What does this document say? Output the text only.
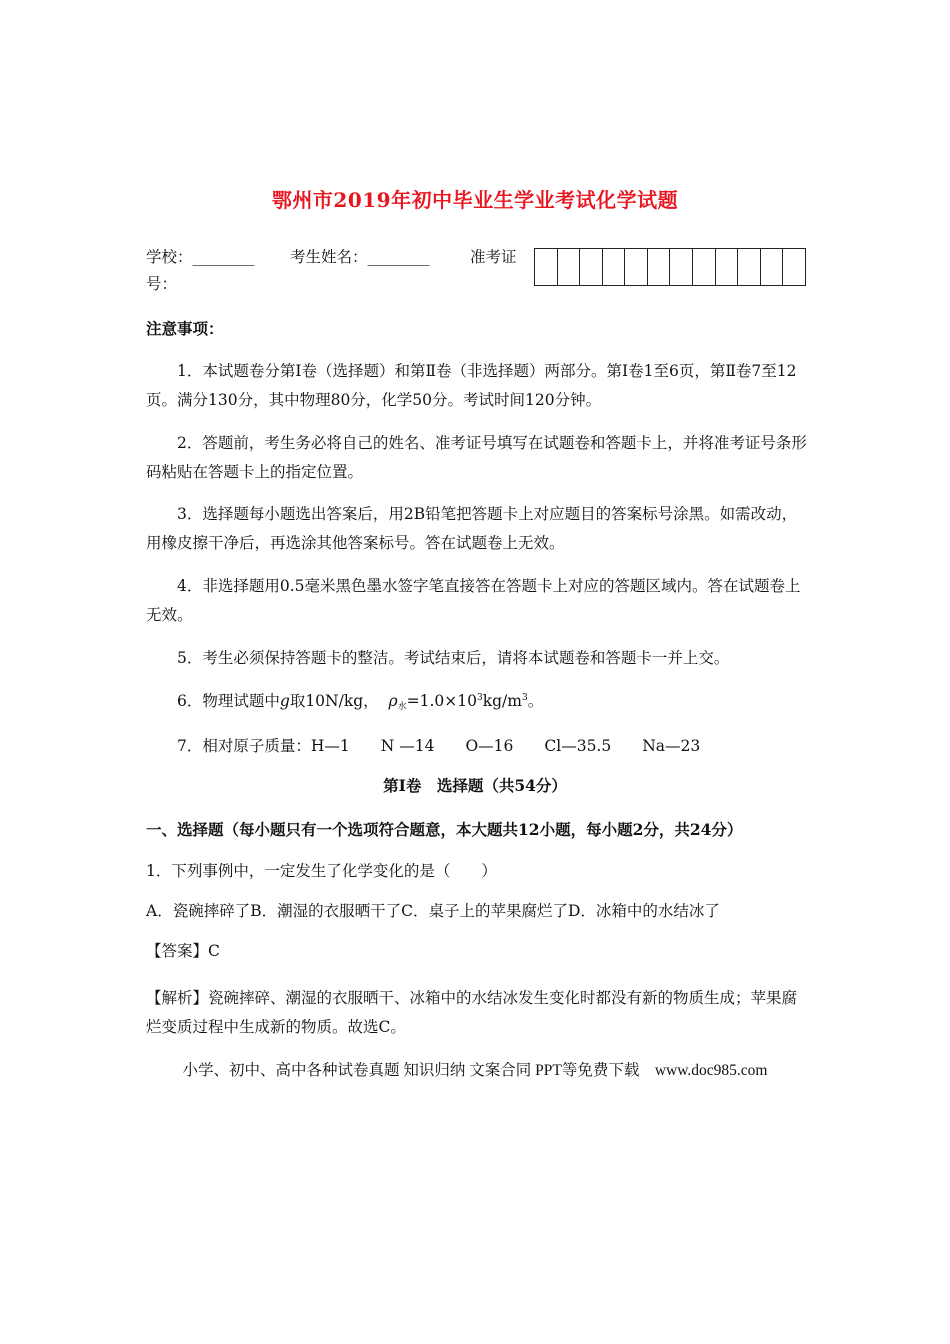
鄂州市2019年初中毕业生学业考试化学试题
学校：________ 考生姓名：________	准考证
号：
注意事项：
1．本试题卷分第Ⅰ卷（选择题）和第Ⅱ卷（非选择题）两部分。第Ⅰ卷1至6页，第Ⅱ卷7至12页。满分130分，其中物理80分，化学50分。考试时间120分钟。
2．答题前，考生务必将自己的姓名、准考证号填写在试题卷和答题卡上，并将准考证号条形码粘贴在答题卡上的指定位置。
3．选择题每小题选出答案后，用2B铅笔把答题卡上对应题目的答案标号涂黑。如需改动，用橡皮擦干净后，再选涂其他答案标号。答在试题卷上无效。
4．非选择题用0.5毫米黑色墨水签字笔直接答在答题卡上对应的答题区域内。答在试题卷上无效。
5．考生必须保持答题卡的整洁。考试结束后，请将本试题卷和答题卡一并上交。
6．物理试题中g取10N/kg， $\rho_水=1.0\times 10^3kg/m^3$。
7．相对原子质量：H—1　　N —14　　O—16　　Cl—35.5　　Na—23
第Ⅰ卷　选择题（共54分）
一、选择题（每小题只有一个选项符合题意，本大题共12小题，每小题2分，共24分）
1．下列事例中，一定发生了化学变化的是（　　）
A．瓷碗摔碎了B．潮湿的衣服晒干了C．桌子上的苹果腐烂了D．冰箱中的水结冰了
【答案】C
【解析】瓷碗摔碎、潮湿的衣服晒干、冰箱中的水结冰发生变化时都没有新的物质生成；苹果腐烂变质过程中生成新的物质。故选C。
小学、初中、高中各种试卷真题 知识归纳 文案合同 PPT等免费下载　www.doc985.com
